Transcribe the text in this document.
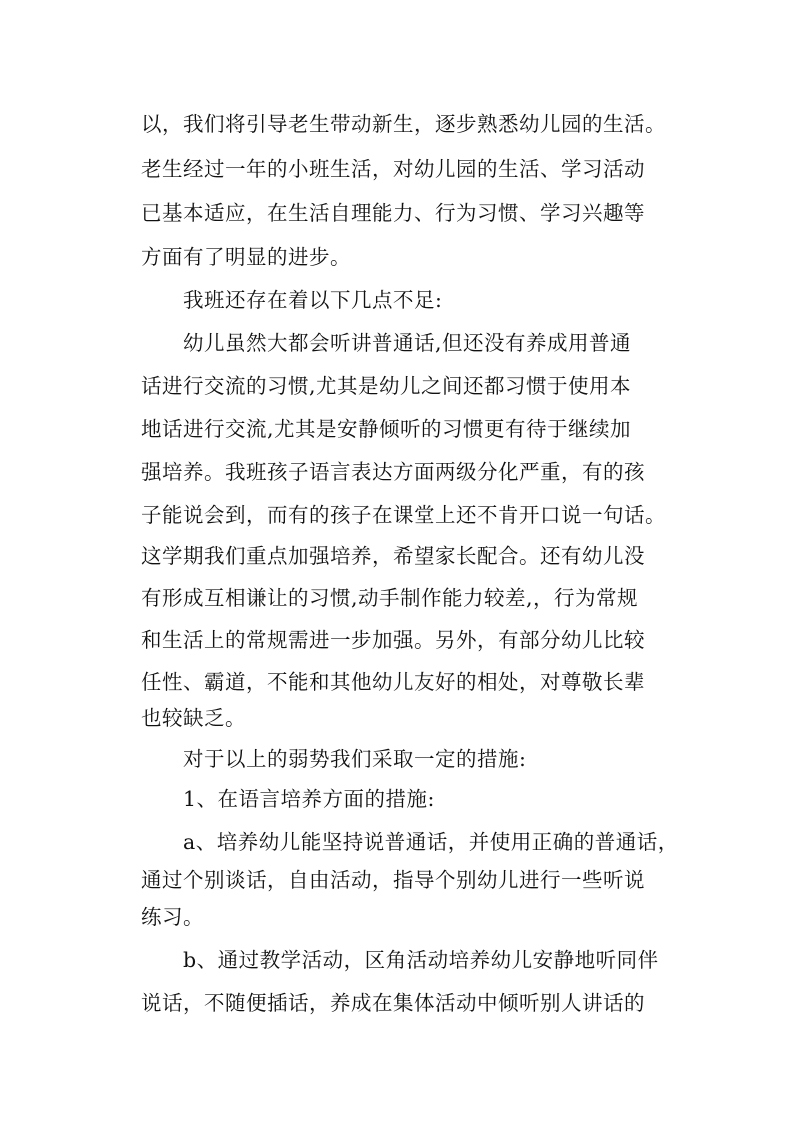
以，我们将引导老生带动新生，逐步熟悉幼儿园的生活。
老生经过一年的小班生活，对幼儿园的生活、学习活动
已基本适应，在生活自理能力、行为习惯、学习兴趣等
方面有了明显的进步。
我班还存在着以下几点不足:
幼儿虽然大都会听讲普通话,但还没有养成用普通
话进行交流的习惯,尤其是幼儿之间还都习惯于使用本
地话进行交流,尤其是安静倾听的习惯更有待于继续加
强培养。我班孩子语言表达方面两级分化严重，有的孩
子能说会到，而有的孩子在课堂上还不肯开口说一句话。
这学期我们重点加强培养，希望家长配合。还有幼儿没
有形成互相谦让的习惯,动手制作能力较差,，行为常规
和生活上的常规需进一步加强。另外，有部分幼儿比较
任性、霸道，不能和其他幼儿友好的相处，对尊敬长辈
也较缺乏。
对于以上的弱势我们采取一定的措施:
1、在语言培养方面的措施:
a、培养幼儿能坚持说普通话，并使用正确的普通话，
通过个别谈话，自由活动，指导个别幼儿进行一些听说
练习。
b、通过教学活动，区角活动培养幼儿安静地听同伴
说话，不随便插话，养成在集体活动中倾听别人讲话的
